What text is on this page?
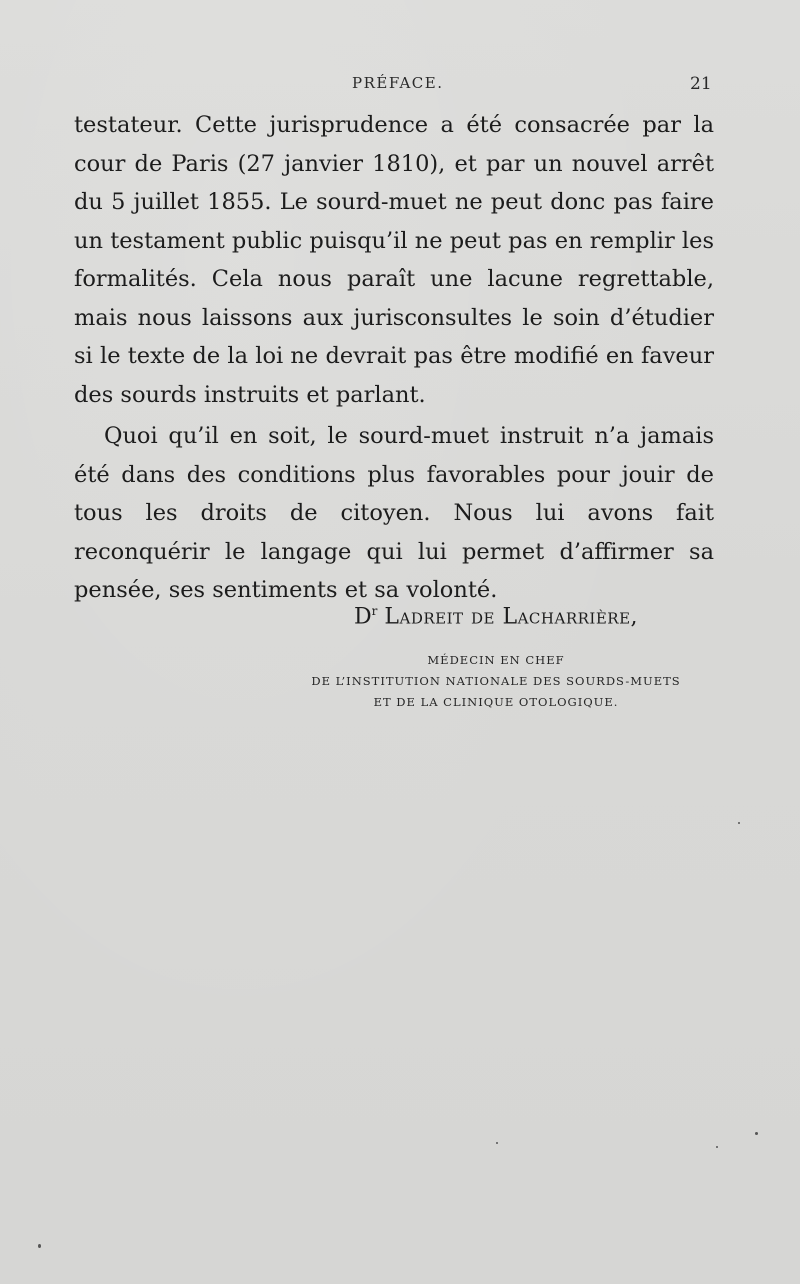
PRÉFACE.	21

testateur. Cette jurisprudence a été consacrée par la cour de Paris (27 janvier 1810), et par un nouvel arrêt du 5 juillet 1855. Le sourd-muet ne peut donc pas faire un testament public puisqu’il ne peut pas en remplir les formalités. Cela nous paraît une lacune regrettable, mais nous laissons aux jurisconsultes le soin d’étudier si le texte de la loi ne devrait pas être modifié en faveur des sourds instruits et parlant.

Quoi qu’il en soit, le sourd-muet instruit n’a jamais été dans des conditions plus favorables pour jouir de tous les droits de citoyen. Nous lui avons fait reconquérir le langage qui lui permet d’affirmer sa pensée, ses sentiments et sa volonté.

$D^r$ Ladreit de Lacharrière,
MÉDECIN EN CHEF
DE L’INSTITUTION NATIONALE DES SOURDS-MUETS
ET DE LA CLINIQUE OTOLOGIQUE.
